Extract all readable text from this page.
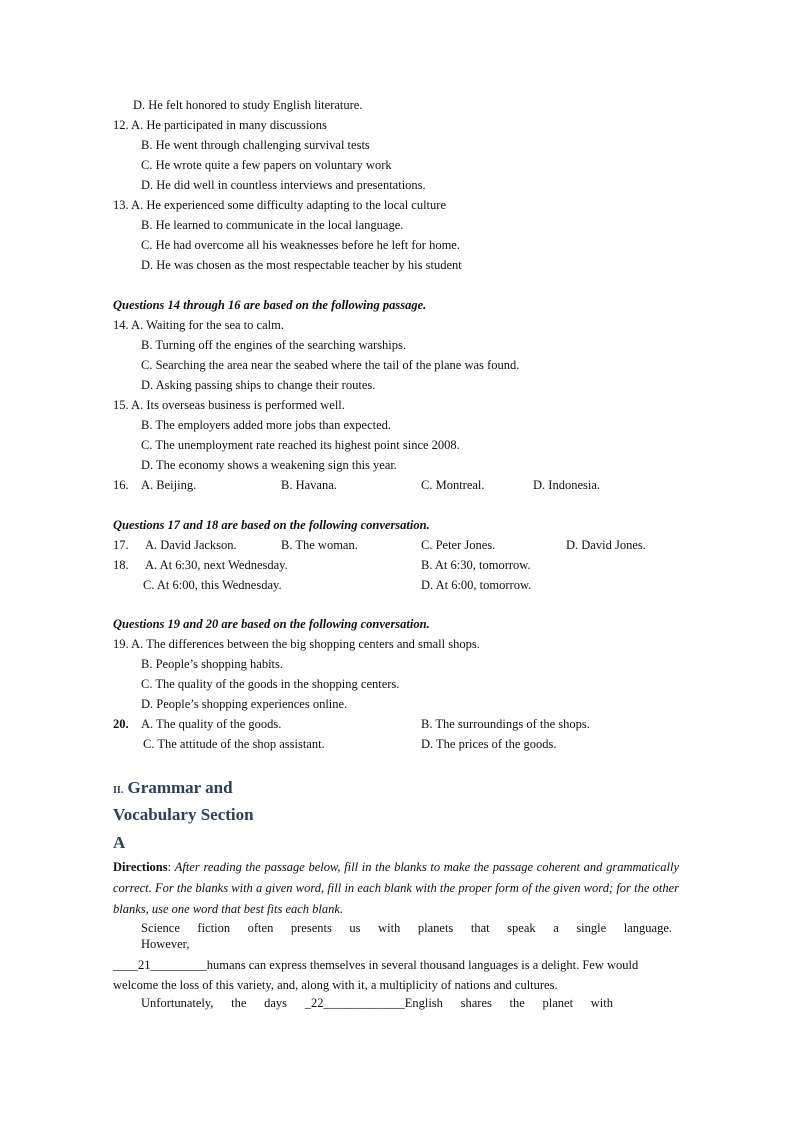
D. He felt honored to study English literature.
12. A. He participated in many discussions
B. He went through challenging survival tests
C. He wrote quite a few papers on voluntary work
D. He did well in countless interviews and presentations.
13. A. He experienced some difficulty adapting to the local culture
B. He learned to communicate in the local language.
C. He had overcome all his weaknesses before he left for home.
D. He was chosen as the most respectable teacher by his student
Questions 14 through 16 are based on the following passage.
14. A. Waiting for the sea to calm.
B. Turning off the engines of the searching warships.
C. Searching the area near the seabed where the tail of the plane was found.
D. Asking passing ships to change their routes.
15. A. Its overseas business is performed well.
B. The employers added more jobs than expected.
C. The unemployment rate reached its highest point since 2008.
D. The economy shows a weakening sign this year.
16. A. Beijing.	B. Havana.	C. Montreal.	D. Indonesia.
Questions 17 and 18 are based on the following conversation.
17. A. David Jackson.	B. The woman.	C. Peter Jones.	D. David Jones.
18. A. At 6:30, next Wednesday.	B. At 6:30, tomorrow.
C. At 6:00, this Wednesday.	D. At 6:00, tomorrow.
Questions 19 and 20 are based on the following conversation.
19. A. The differences between the big shopping centers and small shops.
B. People’s shopping habits.
C. The quality of the goods in the shopping centers.
D. People’s shopping experiences online.
20. A. The quality of the goods.	B. The surroundings of the shops.
C. The attitude of the shop assistant.	D. The prices of the goods.
II. Grammar and
Vocabulary Section
A
Directions: After reading the passage below, fill in the blanks to make the passage coherent and grammatically correct. For the blanks with a given word, fill in each blank with the proper form of the given word; for the other blanks, use one word that best fits each blank.
Science fiction often presents us with planets that speak a single language.
However,
____21_________humans can express themselves in several thousand languages is a delight. Few would welcome the loss of this variety, and, along with it, a multiplicity of nations and cultures.
Unfortunately, the days _22_____________English shares the planet with
